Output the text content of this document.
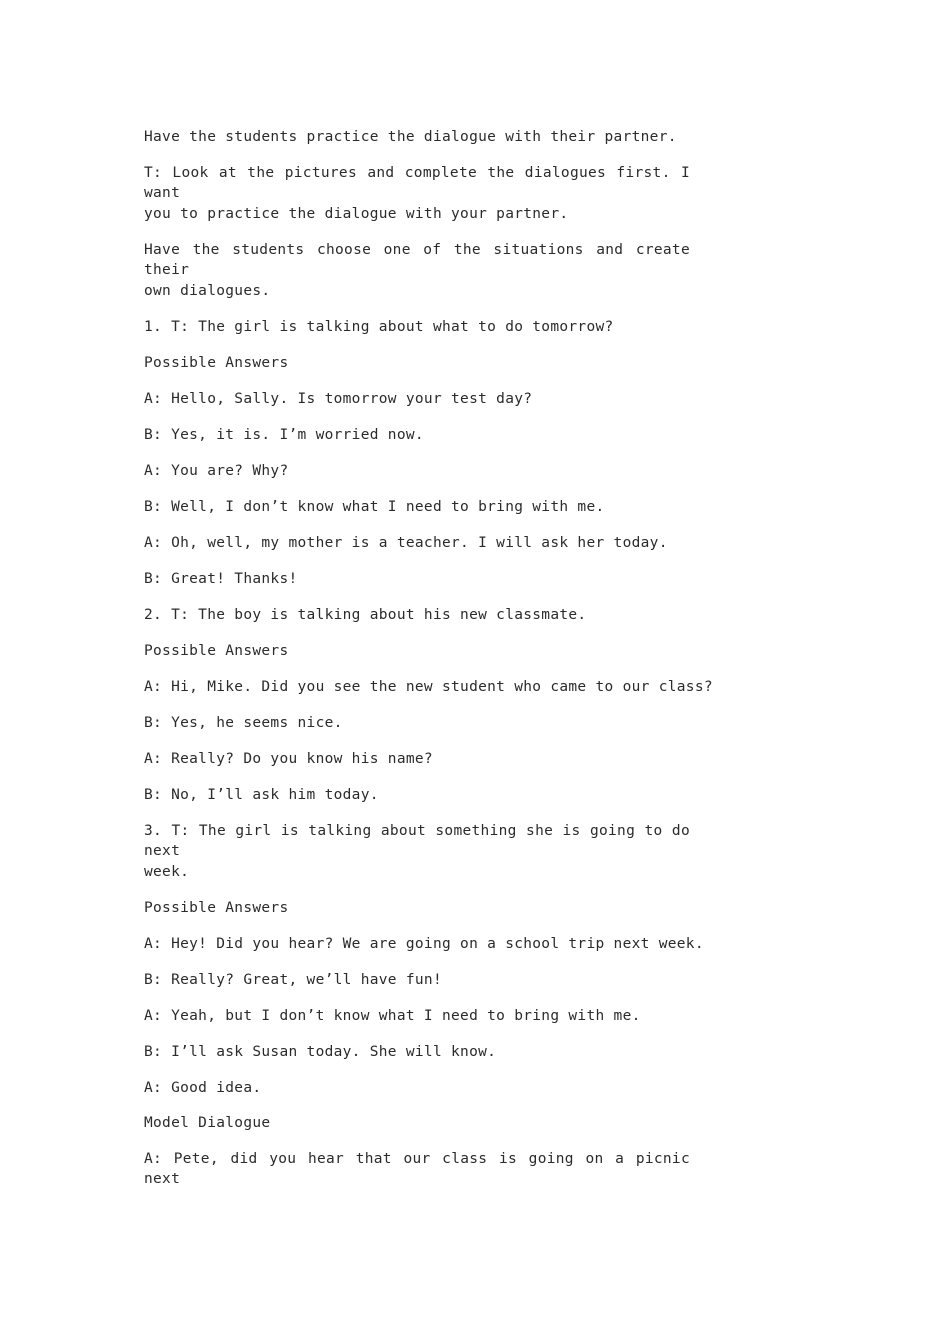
Have the students practice the dialogue with their partner.
T: Look at the pictures and complete the dialogues first. I want
you to practice the dialogue with your partner.
Have the students choose one of the situations and create their
own dialogues.
1. T: The girl is talking about what to do tomorrow?
Possible Answers
A: Hello, Sally. Is tomorrow your test day?
B: Yes, it is. I’m worried now.
A: You are? Why?
B: Well, I don’t know what I need to bring with me.
A: Oh, well, my mother is a teacher. I will ask her today.
B: Great! Thanks!
2. T: The boy is talking about his new classmate.
Possible Answers
A: Hi, Mike. Did you see the new student who came to our class?
B: Yes, he seems nice.
A: Really? Do you know his name?
B: No, I’ll ask him today.
3. T: The girl is talking about something she is going to do next
week.
Possible Answers
A: Hey! Did you hear? We are going on a school trip next week.
B: Really? Great, we’ll have fun!
A: Yeah, but I don’t know what I need to bring with me.
B: I’ll ask Susan today. She will know.
A: Good idea.
Model Dialogue
A: Pete, did you hear that our class is going on a picnic next
